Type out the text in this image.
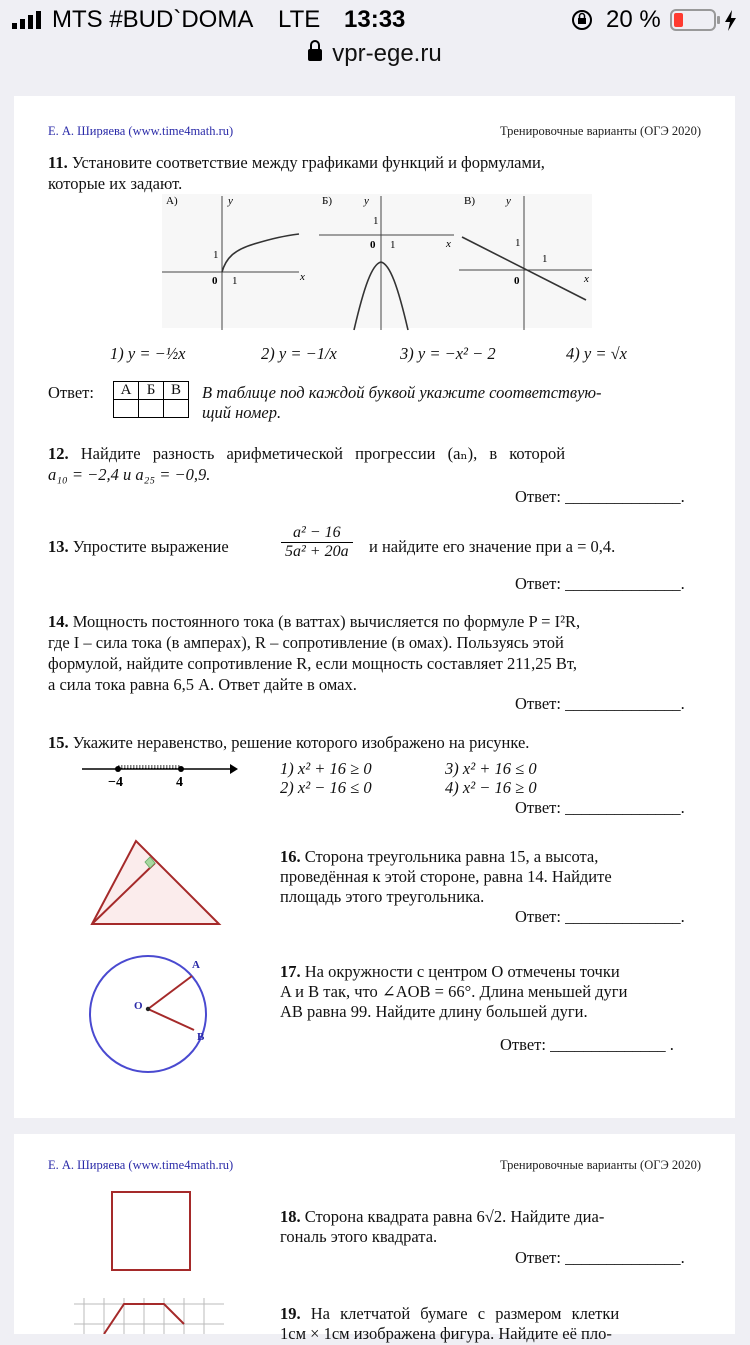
MTS #BUD`DOMA LTE 13:33	20 %
vpr-ege.ru
Е. А. Ширяева (www.time4math.ru)	Тренировочные варианты (ОГЭ 2020)
11. Установите соответствие между графиками функций и формулами,
которые их задают.
А)
0 1
1
y
x
Б)
0 1
1
y
x
В)
0
1
1
y
x
1) y = −½x	2) y = −1/x	3) y = −x² − 2	4) y = √x
Ответ: А	Б	В
		В таблице под каждой буквой укажите соответствую-
щий номер.
12. Найдите разность арифметической прогрессии (aₙ), в которой
a₁₀ = −2,4 и a₂₅ = −0,9.
Ответ: ______________.
13. Упростите выражение
a² − 16
5a² + 20a и найдите его значение при a = 0,4.
Ответ: ______________.
14. Мощность постоянного тока (в ваттах) вычисляется по формуле P = I²R,
где I – сила тока (в амперах), R – сопротивление (в омах). Пользуясь этой
формулой, найдите сопротивление R, если мощность составляет 211,25 Вт,
а сила тока равна 6,5 А. Ответ дайте в омах.
Ответ: ______________.
15. Укажите неравенство, решение которого изображено на рисунке.
−4	4
1) x² + 16 ≥ 0
2) x² − 16 ≤ 0
3) x² + 16 ≤ 0
4) x² − 16 ≥ 0
Ответ: ______________.
16. Сторона треугольника равна 15, а высота,
проведённая к этой стороне, равна 14. Найдите
площадь этого треугольника.
Ответ: ______________.
A
O
B
17. На окружности с центром O отмечены точки
A и B так, что ∠AOB = 66°. Длина меньшей дуги
AB равна 99. Найдите длину большей дуги.
Ответ: ______________ .
Е. А. Ширяева (www.time4math.ru)	Тренировочные варианты (ОГЭ 2020)
18. Сторона квадрата равна 6√2. Найдите диа-
гональ этого квадрата.
Ответ: ______________.
19. На клетчатой бумаге с размером клетки
1см × 1см изображена фигура. Найдите её пло-
